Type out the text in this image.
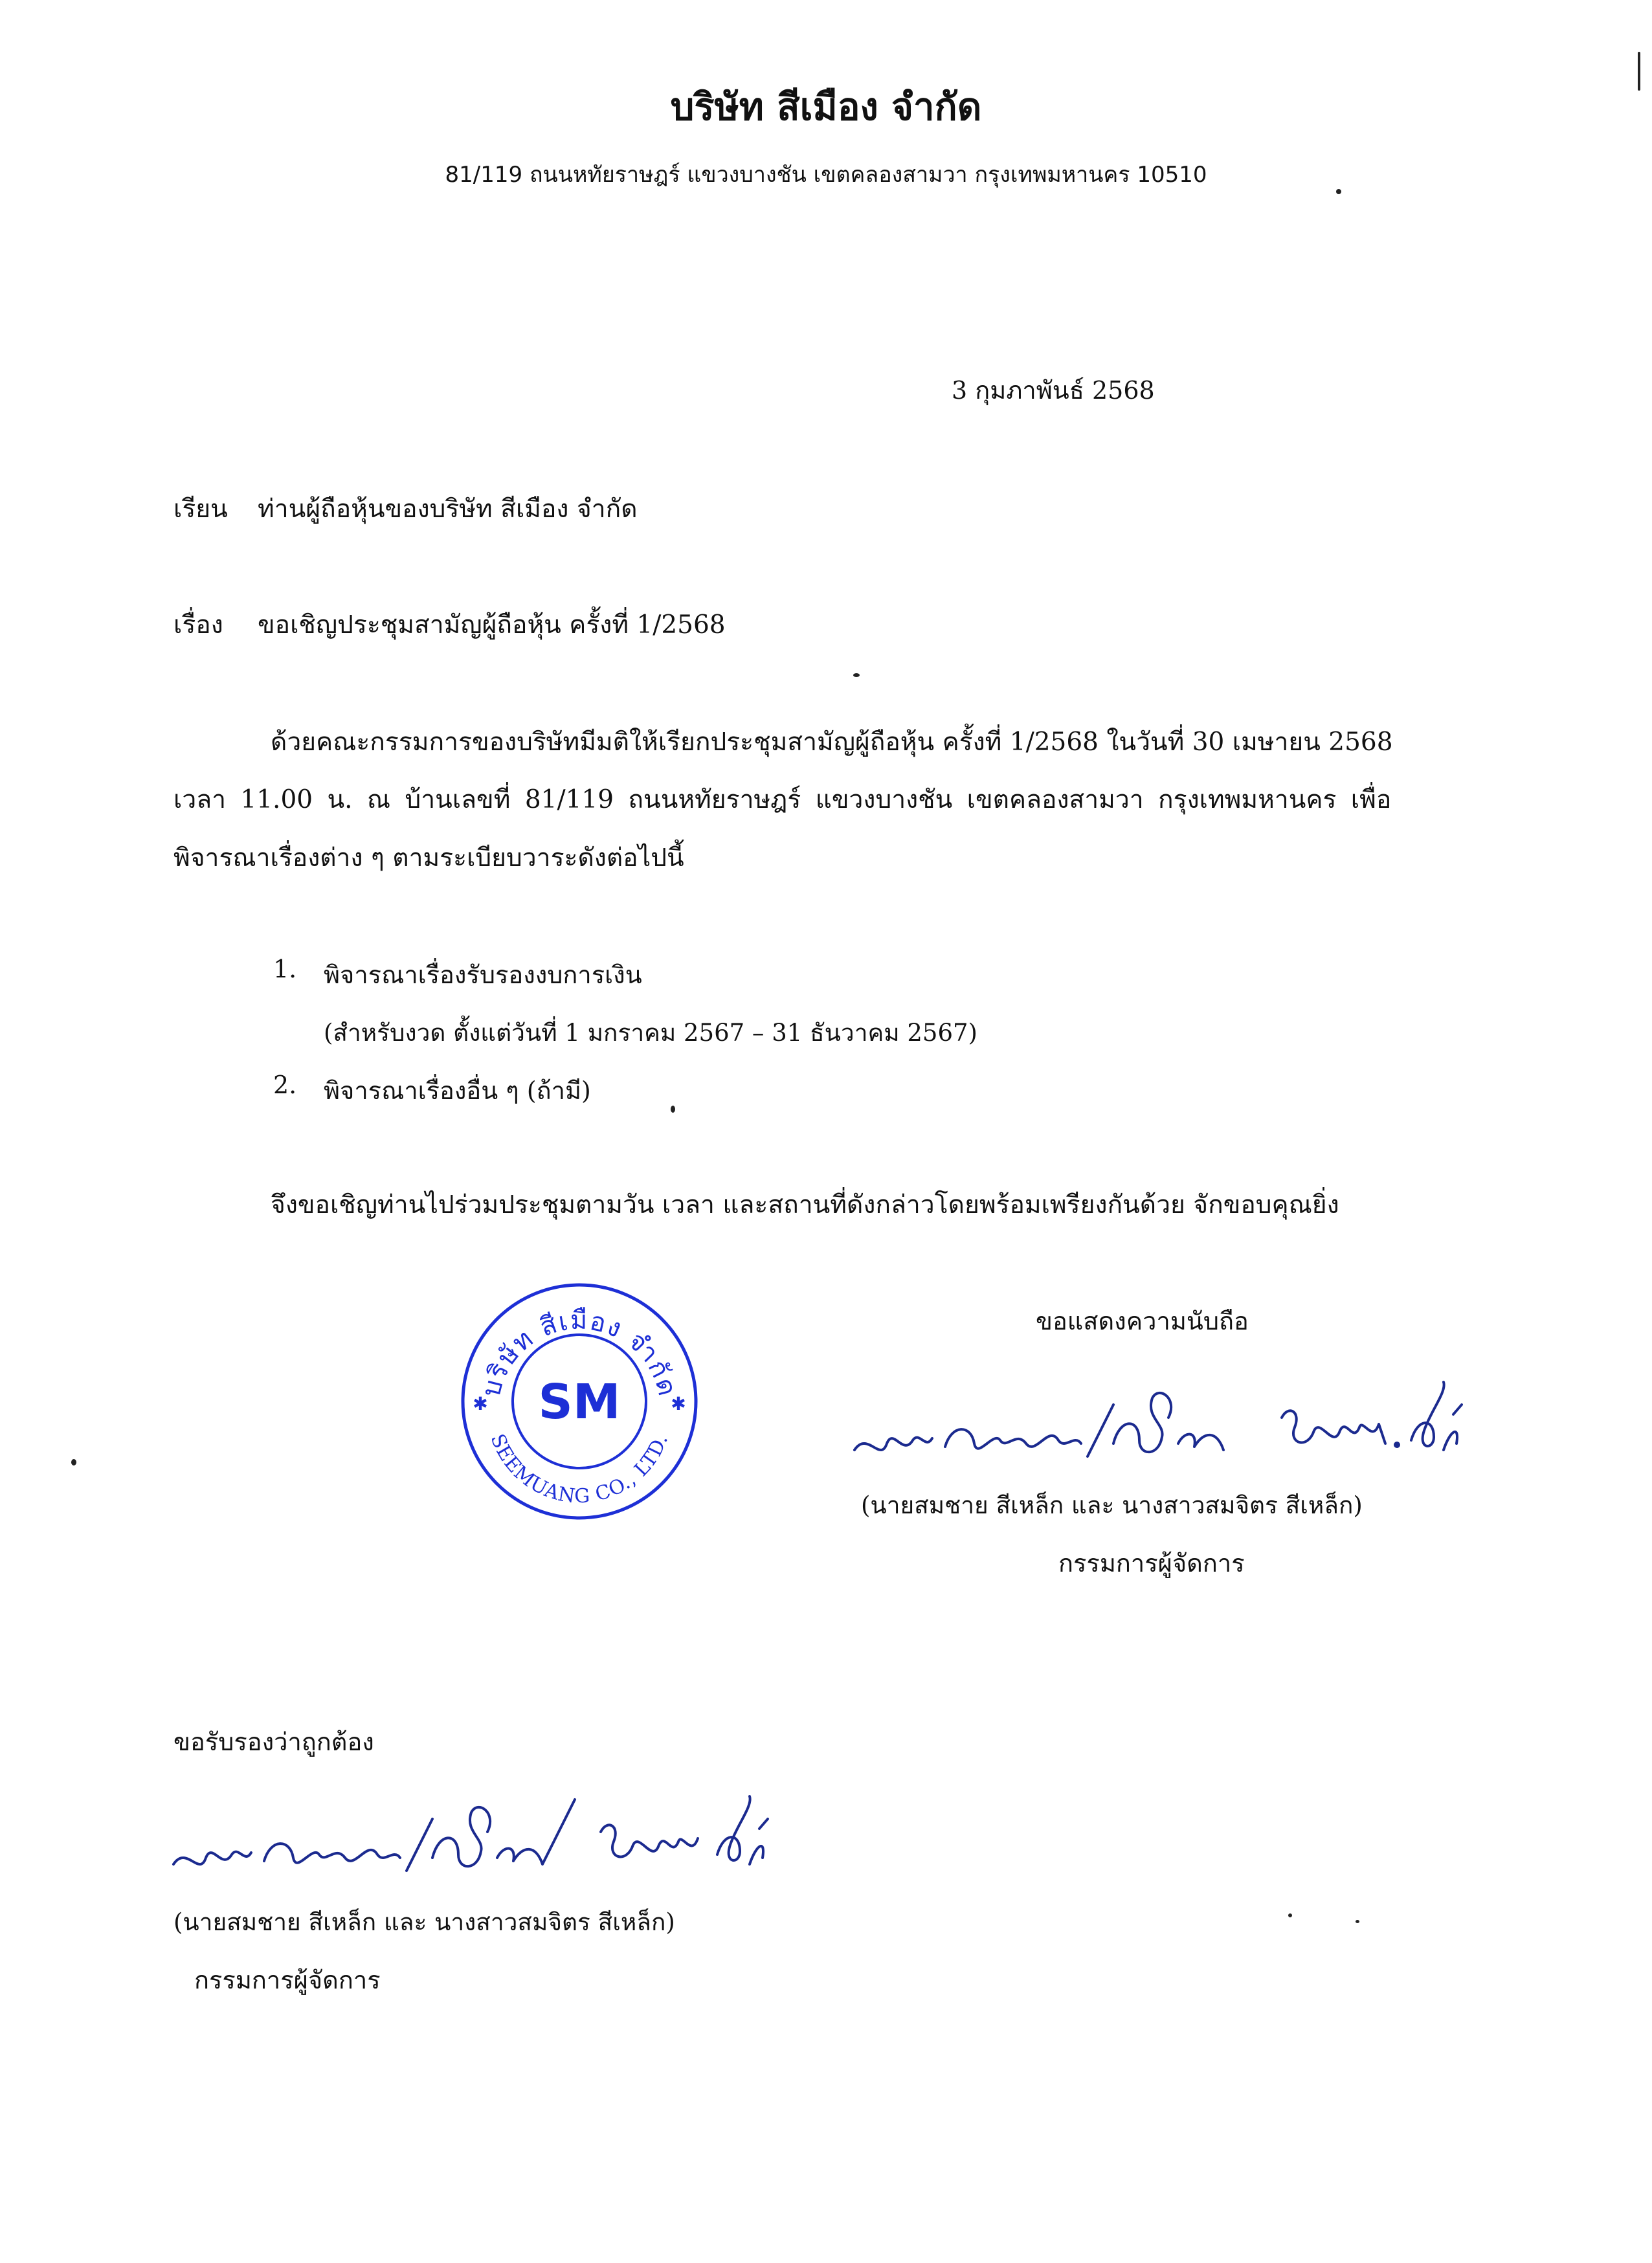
บริษัท สีเมือง จำกัด
81/119 ถนนหทัยราษฎร์ แขวงบางชัน เขตคลองสามวา กรุงเทพมหานคร 10510
3 กุมภาพันธ์ 2568
เรียน ท่านผู้ถือหุ้นของบริษัท สีเมือง จำกัด
เรื่อง ขอเชิญประชุมสามัญผู้ถือหุ้น ครั้งที่ 1/2568
ด้วยคณะกรรมการของบริษัทมีมติให้เรียกประชุมสามัญผู้ถือหุ้น ครั้งที่ 1/2568 ในวันที่ 30 เมษายน 2568
เวลา 11.00 น. ณ บ้านเลขที่ 81/119 ถนนหทัยราษฎร์ แขวงบางชัน เขตคลองสามวา กรุงเทพมหานคร เพื่อ
พิจารณาเรื่องต่าง ๆ ตามระเบียบวาระดังต่อไปนี้
1. พิจารณาเรื่องรับรองงบการเงิน
(สำหรับงวด ตั้งแต่วันที่ 1 มกราคม 2567 – 31 ธันวาคม 2567)
2. พิจารณาเรื่องอื่น ๆ (ถ้ามี)
จึงขอเชิญท่านไปร่วมประชุมตามวัน เวลา และสถานที่ดังกล่าวโดยพร้อมเพรียงกันด้วย จักขอบคุณยิ่ง
ขอแสดงความนับถือ
บริษัท สีเมือง จำกัด
SEEMUANG CO., LTD.
SM
✱	✱
(นายสมชาย สีเหล็ก และ นางสาวสมจิตร สีเหล็ก)
กรรมการผู้จัดการ
ขอรับรองว่าถูกต้อง
(นายสมชาย สีเหล็ก และ นางสาวสมจิตร สีเหล็ก)
กรรมการผู้จัดการ
